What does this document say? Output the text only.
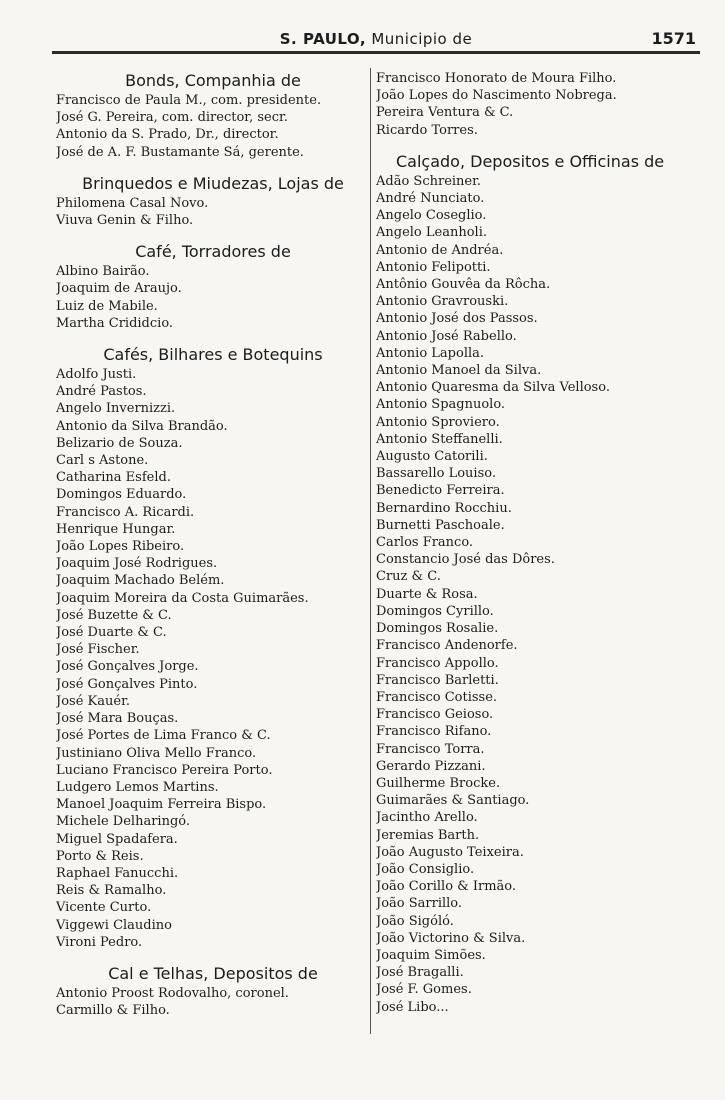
S. PAULO, Municipio de	1571
Bonds, Companhia de
Francisco de Paula M., com. presidente.
José G. Pereira, com. director, secr.
Antonio da S. Prado, Dr., director.
José de A. F. Bustamante Sá, gerente.
Brinquedos e Miudezas, Lojas de
Philomena Casal Novo.
Viuva Genin & Filho.
Café, Torradores de
Albino Bairão.
Joaquim de Araujo.
Luiz de Mabile.
Martha Crididcio.
Cafés, Bilhares e Botequins
Adolfo Justi.
André Pastos.
Angelo Invernizzi.
Antonio da Silva Brandão.
Belizario de Souza.
Carl s Astone.
Catharina Esfeld.
Domingos Eduardo.
Francisco A. Ricardi.
Henrique Hungar.
João Lopes Ribeiro.
Joaquim José Rodrigues.
Joaquim Machado Belém.
Joaquim Moreira da Costa Guimarães.
José Buzette & C.
José Duarte & C.
José Fischer.
José Gonçalves Jorge.
José Gonçalves Pinto.
José Kauér.
José Mara Bouças.
José Portes de Lima Franco & C.
Justiniano Oliva Mello Franco.
Luciano Francisco Pereira Porto.
Ludgero Lemos Martins.
Manoel Joaquim Ferreira Bispo.
Michele Delharingó.
Miguel Spadafera.
Porto & Reis.
Raphael Fanucchi.
Reis & Ramalho.
Vicente Curto.
Viggewi Claudino
Vironi Pedro.
Cal e Telhas, Depositos de
Antonio Proost Rodovalho, coronel.
Carmillo & Filho.
Francisco Honorato de Moura Filho.
João Lopes do Nascimento Nobrega.
Pereira Ventura & C.
Ricardo Torres.
Calçado, Depositos e Officinas de
Adão Schreiner.
André Nunciato.
Angelo Coseglio.
Angelo Leanholi.
Antonio de Andréa.
Antonio Felipotti.
Antônio Gouvêa da Rôcha.
Antonio Gravrouski.
Antonio José dos Passos.
Antonio José Rabello.
Antonio Lapolla.
Antonio Manoel da Silva.
Antonio Quaresma da Silva Velloso.
Antonio Spagnuolo.
Antonio Sproviero.
Antonio Steffanelli.
Augusto Catorili.
Bassarello Louiso.
Benedicto Ferreira.
Bernardino Rocchiu.
Burnetti Paschoale.
Carlos Franco.
Constancio José das Dôres.
Cruz & C.
Duarte & Rosa.
Domingos Cyrillo.
Domingos Rosalie.
Francisco Andenorfe.
Francisco Appollo.
Francisco Barletti.
Francisco Cotisse.
Francisco Geioso.
Francisco Rifano.
Francisco Torra.
Gerardo Pizzani.
Guilherme Brocke.
Guimarães & Santiago.
Jacintho Arello.
Jeremias Barth.
João Augusto Teixeira.
João Consiglio.
João Corillo & Irmão.
João Sarrillo.
João Sigóló.
João Victorino & Silva.
Joaquim Simões.
José Bragalli.
José F. Gomes.
José Libo...
